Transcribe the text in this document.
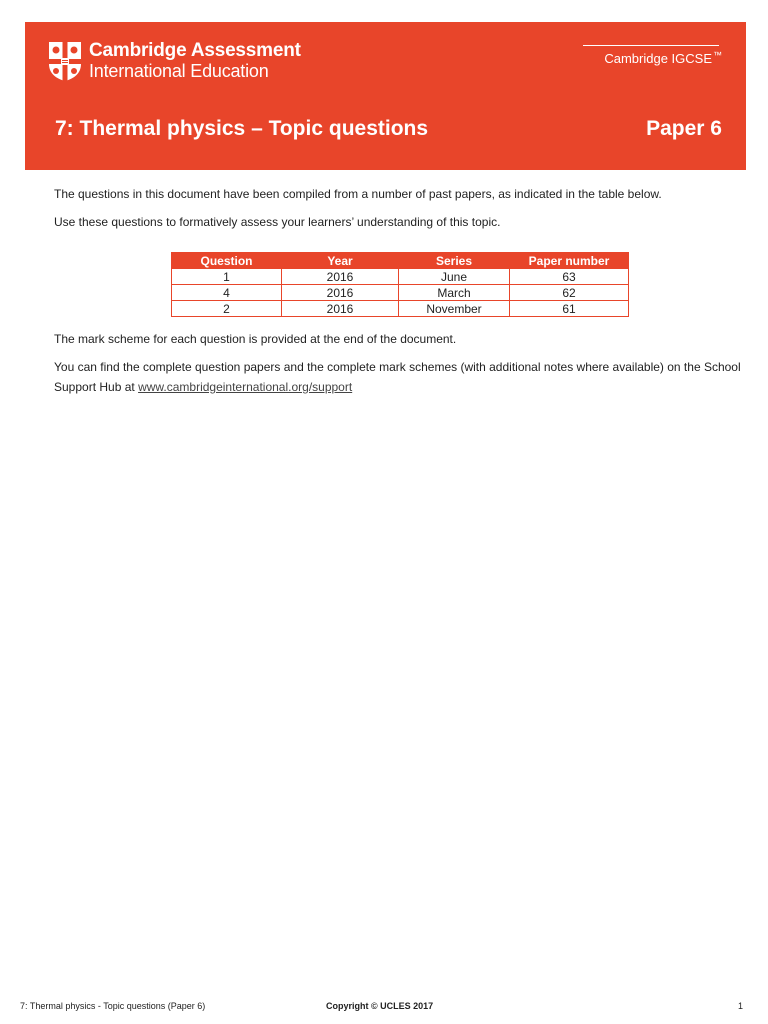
Cambridge Assessment
International Education
Cambridge IGCSE™
7: Thermal physics – Topic questions	Paper 6
The questions in this document have been compiled from a number of past papers, as indicated in the table below.
Use these questions to formatively assess your learners’ understanding of this topic.
Question	Year	Series	Paper number
1	2016	June	63
4	2016	March	62
2	2016	November	61
The mark scheme for each question is provided at the end of the document.
You can find the complete question papers and the complete mark schemes (with additional notes where available) on the School Support Hub at www.cambridgeinternational.org/support
7: Thermal physics - Topic questions (Paper 6)	Copyright © UCLES 2017	1
